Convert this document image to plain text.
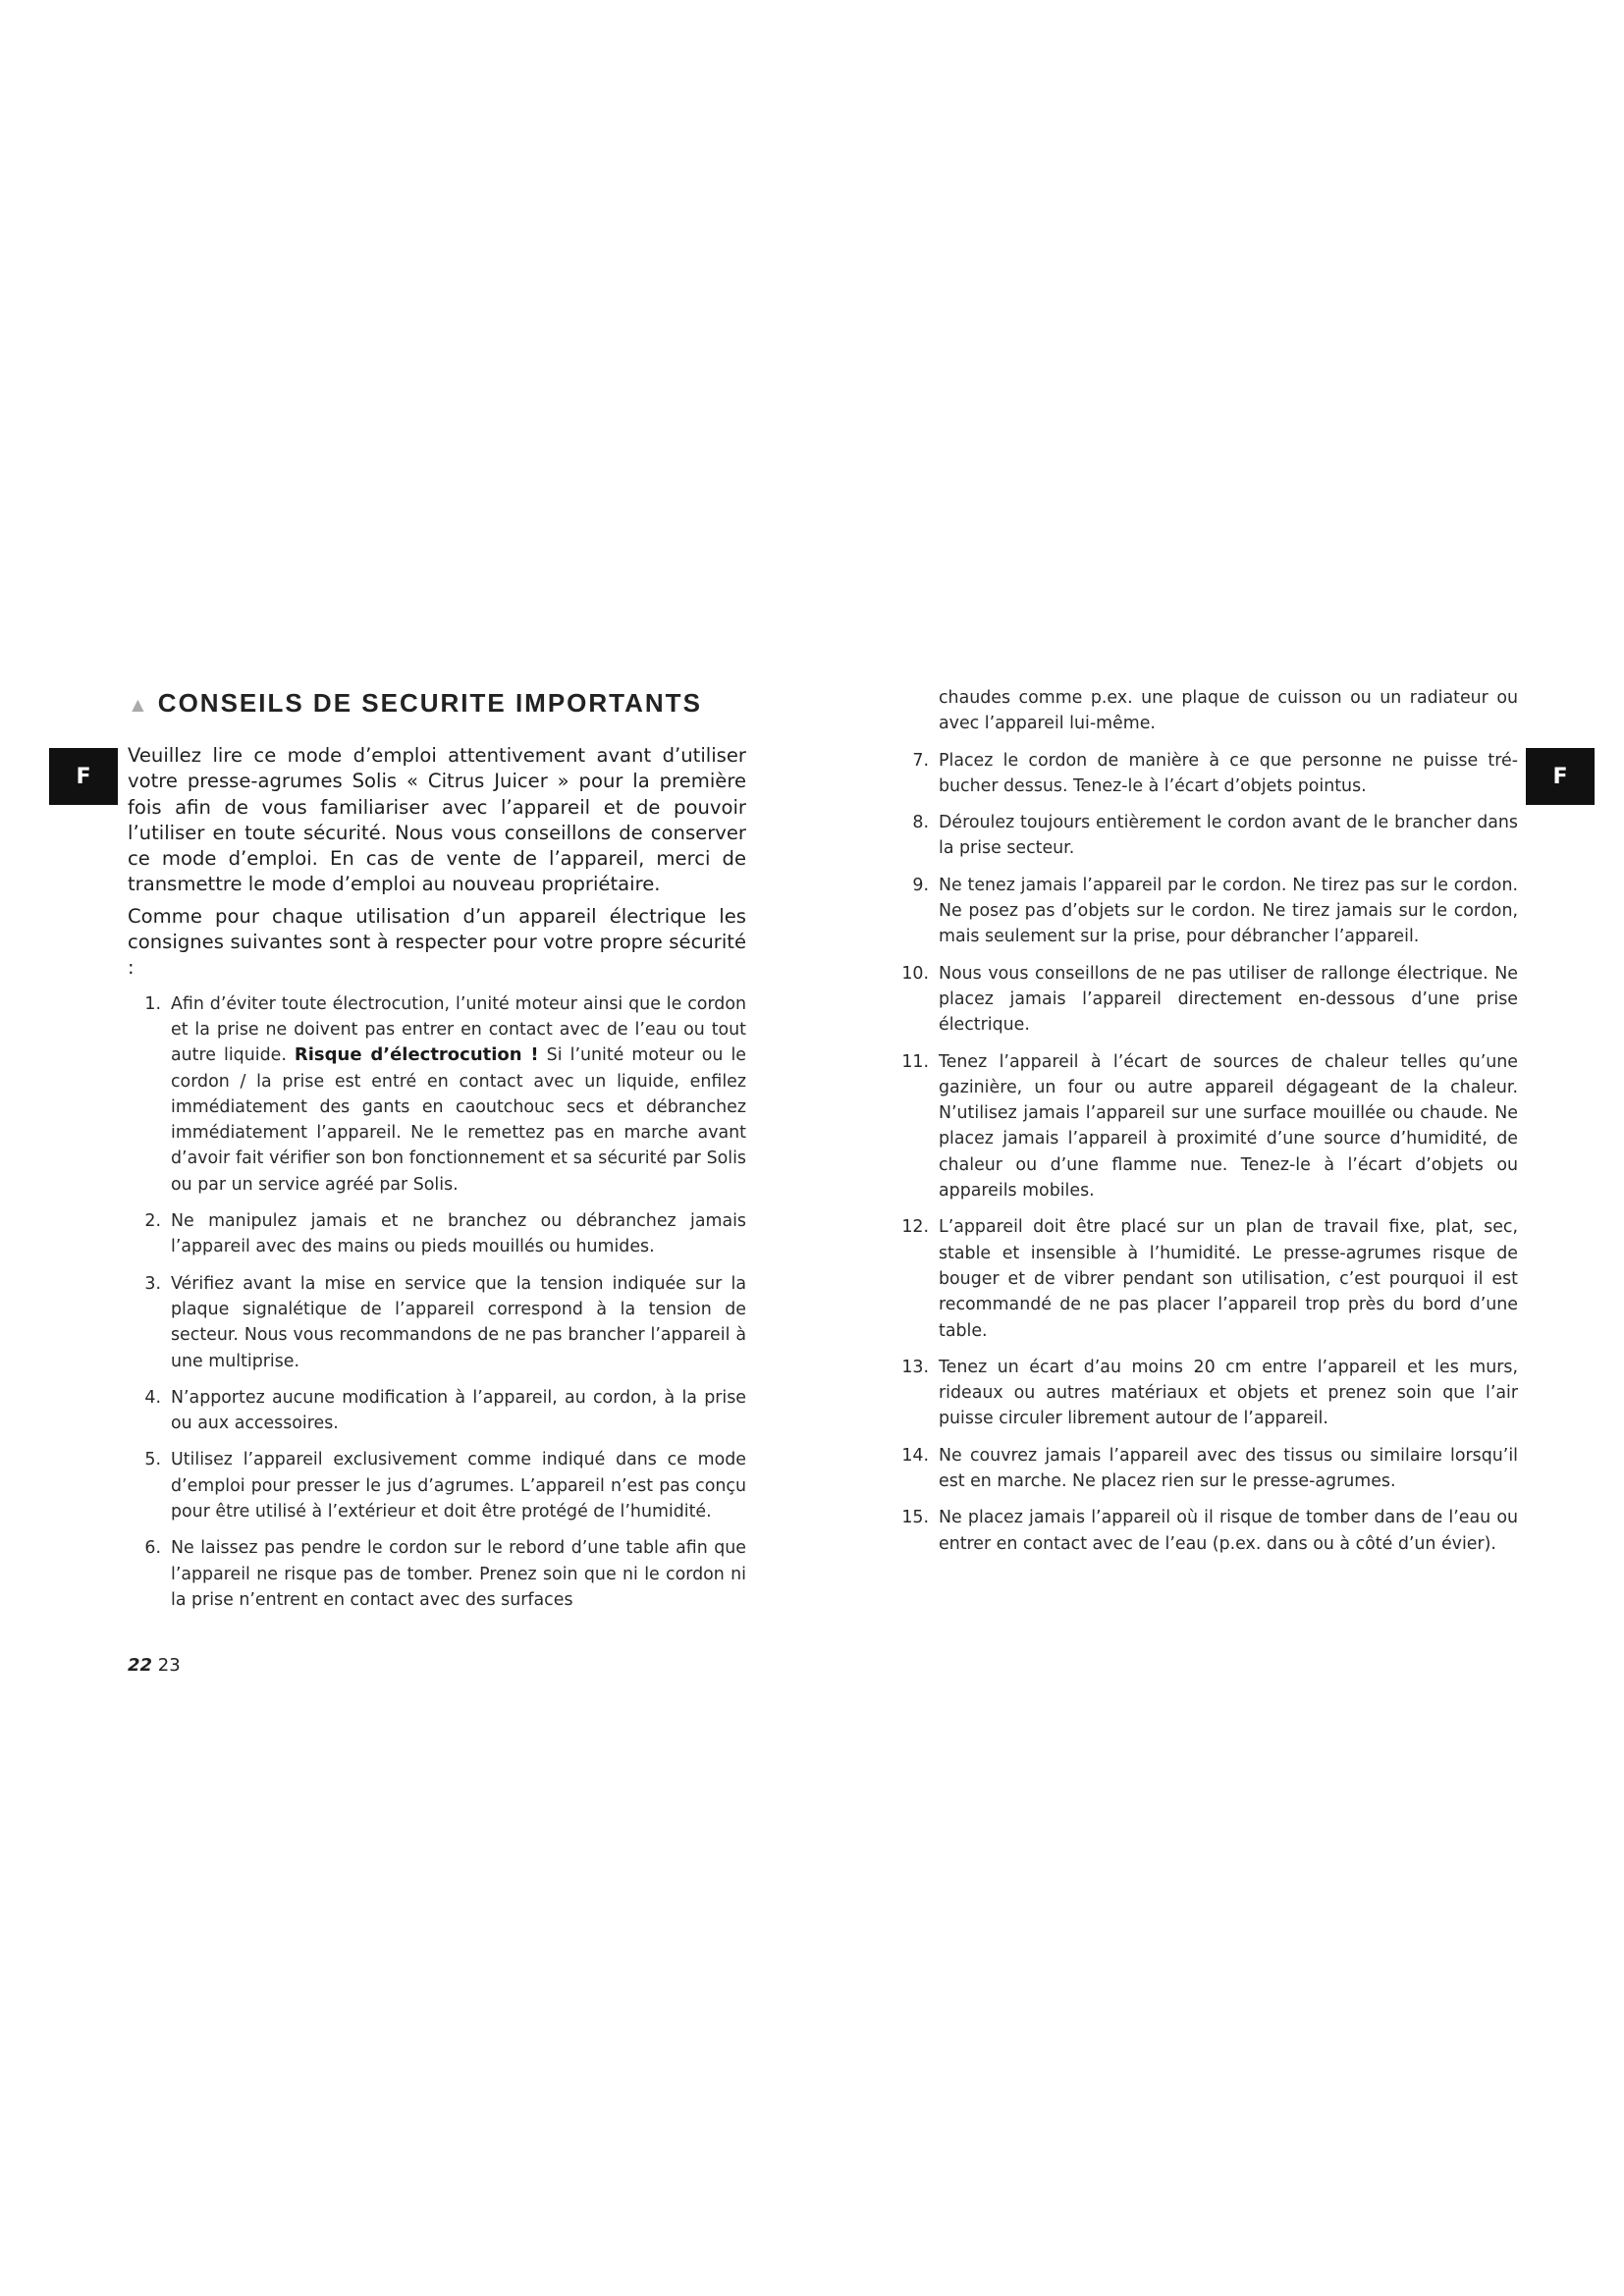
F	F
▲ CONSEILS DE SECURITE IMPORTANTS

Veuillez lire ce mode d’emploi attentivement avant d’utiliser votre presse-agrumes Solis « Citrus Juicer » pour la première fois afin de vous familiariser avec l’appareil et de pouvoir l’utiliser en toute sécurité. Nous vous conseillons de conserver ce mode d’emploi. En cas de vente de l’appareil, merci de transmettre le mode d’emploi au nouveau propriétaire.

Comme pour chaque utilisation d’un appareil électrique les consignes suivantes sont à respecter pour votre propre sécurité :

1. Afin d’éviter toute électrocution, l’unité moteur ainsi que le cordon et la prise ne doivent pas entrer en contact avec de l’eau ou tout autre liquide. Risque d’électrocution ! Si l’unité moteur ou le cordon / la prise est entré en contact avec un liquide, enfilez immédiatement des gants en caoutchouc secs et débranchez immédiatement l’appareil. Ne le remettez pas en marche avant d’avoir fait vérifier son bon fonctionnement et sa sécurité par Solis ou par un service agréé par Solis.
2. Ne manipulez jamais et ne branchez ou débranchez jamais l’appareil avec des mains ou pieds mouillés ou humides.
3. Vérifiez avant la mise en service que la tension indiquée sur la plaque signalétique de l’appareil correspond à la tension de secteur. Nous vous recommandons de ne pas brancher l’appareil à une multiprise.
4. N’apportez aucune modification à l’appareil, au cordon, à la prise ou aux accessoires.
5. Utilisez l’appareil exclusivement comme indiqué dans ce mode d’emploi pour presser le jus d’agrumes. L’appareil n’est pas conçu pour être utilisé à l’extérieur et doit être protégé de l’humidité.
6. Ne laissez pas pendre le cordon sur le rebord d’une table afin que l’appareil ne risque pas de tomber. Prenez soin que ni le cordon ni la prise n’entrent en contact avec des surfaces
chaudes comme p.ex. une plaque de cuisson ou un radiateur ou avec l’appareil lui-même.
7. Placez le cordon de manière à ce que personne ne puisse trébucher dessus. Tenez-le à l’écart d’objets pointus.
8. Déroulez toujours entièrement le cordon avant de le brancher dans la prise secteur.
9. Ne tenez jamais l’appareil par le cordon. Ne tirez pas sur le cordon. Ne posez pas d’objets sur le cordon. Ne tirez jamais sur le cordon, mais seulement sur la prise, pour débrancher l’appareil.
10. Nous vous conseillons de ne pas utiliser de rallonge électrique. Ne placez jamais l’appareil directement en-dessous d’une prise électrique.
11. Tenez l’appareil à l’écart de sources de chaleur telles qu’une gazinière, un four ou autre appareil dégageant de la chaleur. N’utilisez jamais l’appareil sur une surface mouillée ou chaude. Ne placez jamais l’appareil à proximité d’une source d’humidité, de chaleur ou d’une flamme nue. Tenez-le à l’écart d’objets ou appareils mobiles.
12. L’appareil doit être placé sur un plan de travail fixe, plat, sec, stable et insensible à l’humidité. Le presse-agrumes risque de bouger et de vibrer pendant son utilisation, c’est pourquoi il est recommandé de ne pas placer l’appareil trop près du bord d’une table.
13. Tenez un écart d’au moins 20 cm entre l’appareil et les murs, rideaux ou autres matériaux et objets et prenez soin que l’air puisse circuler librement autour de l’appareil.
14. Ne couvrez jamais l’appareil avec des tissus ou similaire lorsqu’il est en marche. Ne placez rien sur le presse-agrumes.
15. Ne placez jamais l’appareil où il risque de tomber dans de l’eau ou entrer en contact avec de l’eau (p.ex. dans ou à côté d’un évier).
22 23
